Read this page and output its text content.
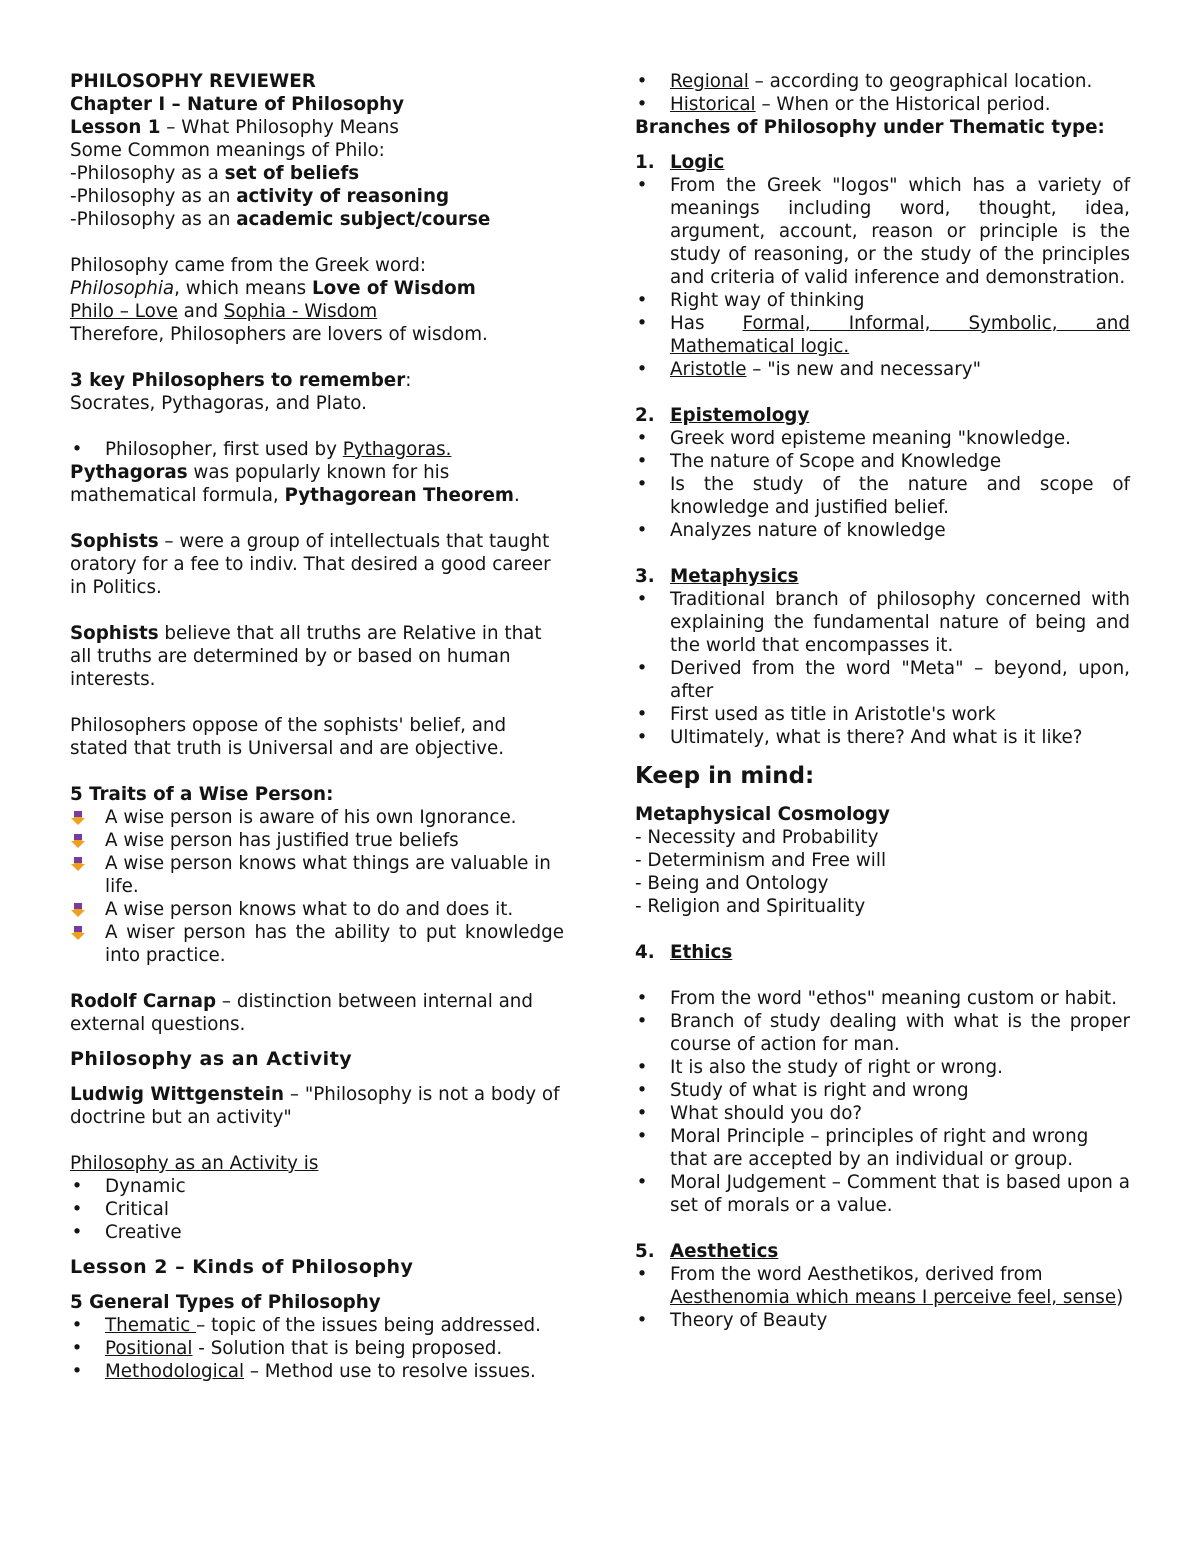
PHILOSOPHY REVIEWER

Chapter I – Nature of Philosophy

Lesson 1 – What Philosophy Means

Some Common meanings of Philo:

-Philosophy as a set of beliefs

-Philosophy as an activity of reasoning

-Philosophy as an academic subject/course

Philosophy came from the Greek word:

Philosophia, which means Love of Wisdom

Philo – Love and Sophia - Wisdom

Therefore, Philosophers are lovers of wisdom.

3 key Philosophers to remember:

Socrates, Pythagoras, and Plato.

• Philosopher, first used by Pythagoras.

Pythagoras was popularly known for his mathematical formula, Pythagorean Theorem.

Sophists – were a group of intellectuals that taught oratory for a fee to indiv. That desired a good career in Politics.

Sophists believe that all truths are Relative in that all truths are determined by or based on human interests.

Philosophers oppose of the sophists' belief, and stated that truth is Universal and are objective.

5 Traits of a Wise Person:

A wise person is aware of his own Ignorance.
A wise person has justified true beliefs
A wise person knows what things are valuable in life.
A wise person knows what to do and does it.
A wiser person has the ability to put knowledge into practice.

Rodolf Carnap – distinction between internal and external questions.

Philosophy as an Activity

Ludwig Wittgenstein – "Philosophy is not a body of doctrine but an activity"

Philosophy as an Activity is

• Dynamic
• Critical
• Creative

Lesson 2 – Kinds of Philosophy

5 General Types of Philosophy

• Thematic – topic of the issues being addressed.
• Positional - Solution that is being proposed.
• Methodological – Method use to resolve issues.
• Regional – according to geographical location.
• Historical – When or the Historical period.

Branches of Philosophy under Thematic type:

1. Logic

• From the Greek "logos" which has a variety of meanings including word, thought, idea, argument, account, reason or principle is the study of reasoning, or the study of the principles and criteria of valid inference and demonstration.
• Right way of thinking
• Has Formal, Informal, Symbolic, and Mathematical logic.
• Aristotle – "is new and necessary"

2. Epistemology

• Greek word episteme meaning "knowledge.
• The nature of Scope and Knowledge
• Is the study of the nature and scope of knowledge and justified belief.
• Analyzes nature of knowledge

3. Metaphysics

• Traditional branch of philosophy concerned with explaining the fundamental nature of being and the world that encompasses it.
• Derived from the word "Meta" – beyond, upon, after
• First used as title in Aristotle's work
• Ultimately, what is there? And what is it like?

Keep in mind:

Metaphysical Cosmology

- Necessity and Probability

- Determinism and Free will

- Being and Ontology

- Religion and Spirituality

4. Ethics

• From the word "ethos" meaning custom or habit.
• Branch of study dealing with what is the proper course of action for man.
• It is also the study of right or wrong.
• Study of what is right and wrong
• What should you do?
• Moral Principle – principles of right and wrong that are accepted by an individual or group.
• Moral Judgement – Comment that is based upon a set of morals or a value.

5. Aesthetics

• From the word Aesthetikos, derived from Aesthenomia which means I perceive feel, sense)
• Theory of Beauty
